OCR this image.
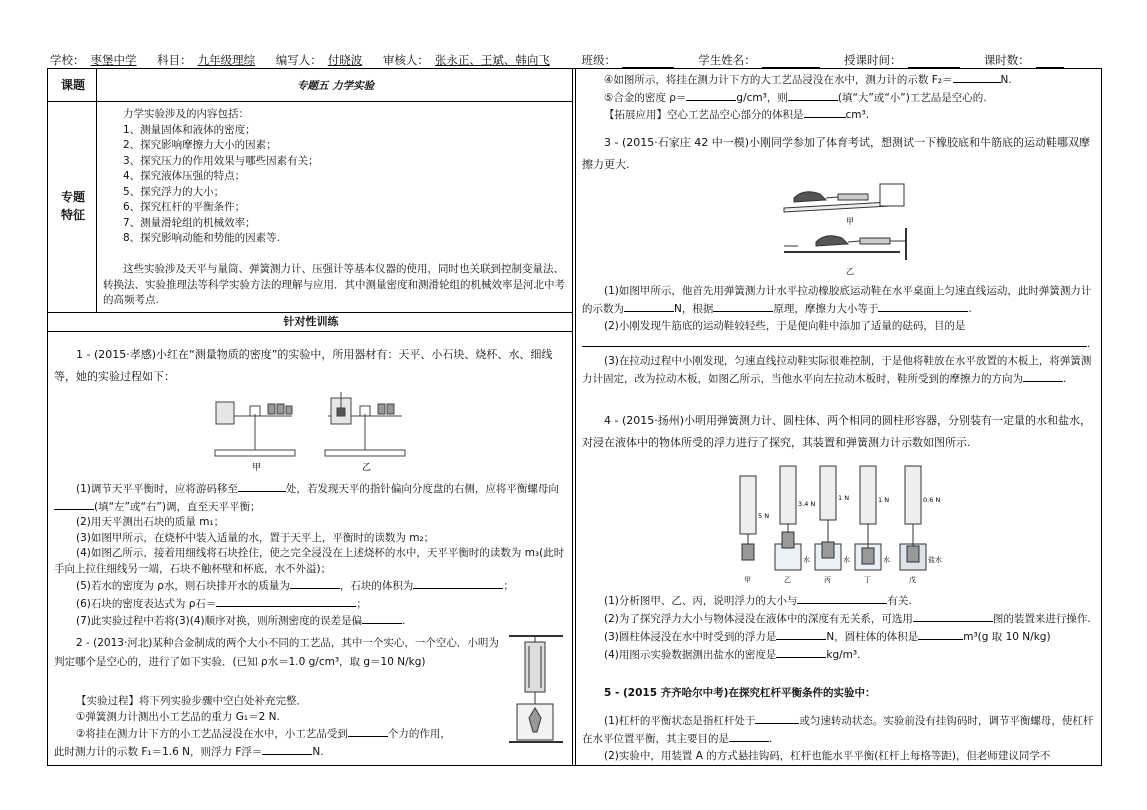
学校： 枣堡中学 科目： 九年级理综 编写人： 付晓波 审核人： 张永正、王斌、韩向飞	班级：	学生姓名：	授课时间：	课时数：
课题	专题五 力学实验
专题
特征
力学实验涉及的内容包括：
1、测量固体和液体的密度；
2、探究影响摩擦力大小的因素；
3、探究压力的作用效果与哪些因素有关；
4、探究液体压强的特点；
5、探究浮力的大小；
6、探究杠杆的平衡条件；
7、测量滑轮组的机械效率；
8、探究影响动能和势能的因素等.
这些实验涉及天平与量筒、弹簧测力计、压强计等基本仪器的使用，同时也关联到控制变量法、转换法、实验推理法等科学实验方法的理解与应用．其中测量密度和测滑轮组的机械效率是河北中考的高频考点.
针对性训练
1 - (2015·孝感)小红在“测量物质的密度”的实验中，所用器材有：天平、小石块、烧杯、水、细线等，她的实验过程如下：
甲	乙
(1)调节天平平衡时，应将游码移至	处，若发现天平的指针偏向分度盘的右侧，应将平衡螺母向(填“左”或“右”)调，直至天平平衡；
(2)用天平测出石块的质量 m₁；
(3)如图甲所示，在烧杯中装入适量的水，置于天平上，平衡时的读数为 m₂；
(4)如图乙所示，接着用细线将石块拴住，使之完全浸没在上述烧杯的水中，天平平衡时的读数为 m₃(此时手向上拉住细线另一端，石块不触杯壁和杯底，水不外溢)；
(5)若水的密度为 ρ水，则石块排开水的质量为	，石块的体积为	；
(6)石块的密度表达式为 ρ石＝	；
(7)此实验过程中若将(3)(4)顺序对换，则所测密度的误差是偏	.
2 - (2013·河北)某种合金制成的两个大小不同的工艺品，其中一个实心，一个空心．小明为判定哪个是空心的，进行了如下实验．(已知 ρ水＝1.0 g/cm³，取 g＝10 N/kg)
【实验过程】将下列实验步骤中空白处补充完整．
①弹簧测力计测出小工艺品的重力 G₁＝2 N.
②将挂在测力计下方的小工艺品浸没在水中，小工艺品受到	个力的作用，
此时测力计的示数 F₁＝1.6 N，则浮力 F浮＝	N.
④如图所示，将挂在测力计下方的大工艺品浸没在水中，测力计的示数 F₂＝	N.
⑤合金的密度 ρ＝	g/cm³，则	(填“大”或“小”)工艺品是空心的.
【拓展应用】空心工艺品空心部分的体积是	cm³.
3 - (2015·石家庄 42 中一模)小刚同学参加了体育考试，想测试一下橡胶底和牛筋底的运动鞋哪双摩擦力更大.
甲
乙
(1)如图甲所示，他首先用弹簧测力计水平拉动橡胶底运动鞋在水平桌面上匀速直线运动，此时弹簧测力计的示数为	N，根据	原理，摩擦力大小等于	.
(2)小刚发现牛筋底的运动鞋较轻些，于是便向鞋中添加了适量的砝码，目的是
.
(3)在拉动过程中小刚发现，匀速直线拉动鞋实际很难控制，于是他将鞋放在水平放置的木板上，将弹簧测力计固定，改为拉动木板，如图乙所示，当他水平向左拉动木板时，鞋所受到的摩擦力的方向为	.
4 - (2015·扬州)小明用弹簧测力计、圆柱体、两个相同的圆柱形容器，分别装有一定量的水和盐水，对浸在液体中的物体所受的浮力进行了探究，其装置和弹簧测力计示数如图所示.
5 N
3.4 N
1 N	1 N	0.6 N
水	水	水	盐水
甲	乙	丙	丁	戊
(1)分析图甲、乙、丙，说明浮力的大小与	有关.
(2)为了探究浮力大小与物体浸没在液体中的深度有无关系，可选用	图的装置来进行操作.
(3)圆柱体浸没在水中时受到的浮力是	N，圆柱体的体积是	m³(g 取 10 N/kg)
(4)用图示实验数据测出盐水的密度是	kg/m³.
5 - (2015 齐齐哈尔中考)在探究杠杆平衡条件的实验中：
(1)杠杆的平衡状态是指杠杆处于	或匀速转动状态。实验前没有挂钩码时，调节平衡螺母，使杠杆在水平位置平衡，其主要目的是	.
(2)实验中，用装置 A 的方式悬挂钩码，杠杆也能水平平衡(杠杆上每格等距)，但老师建议同学不
